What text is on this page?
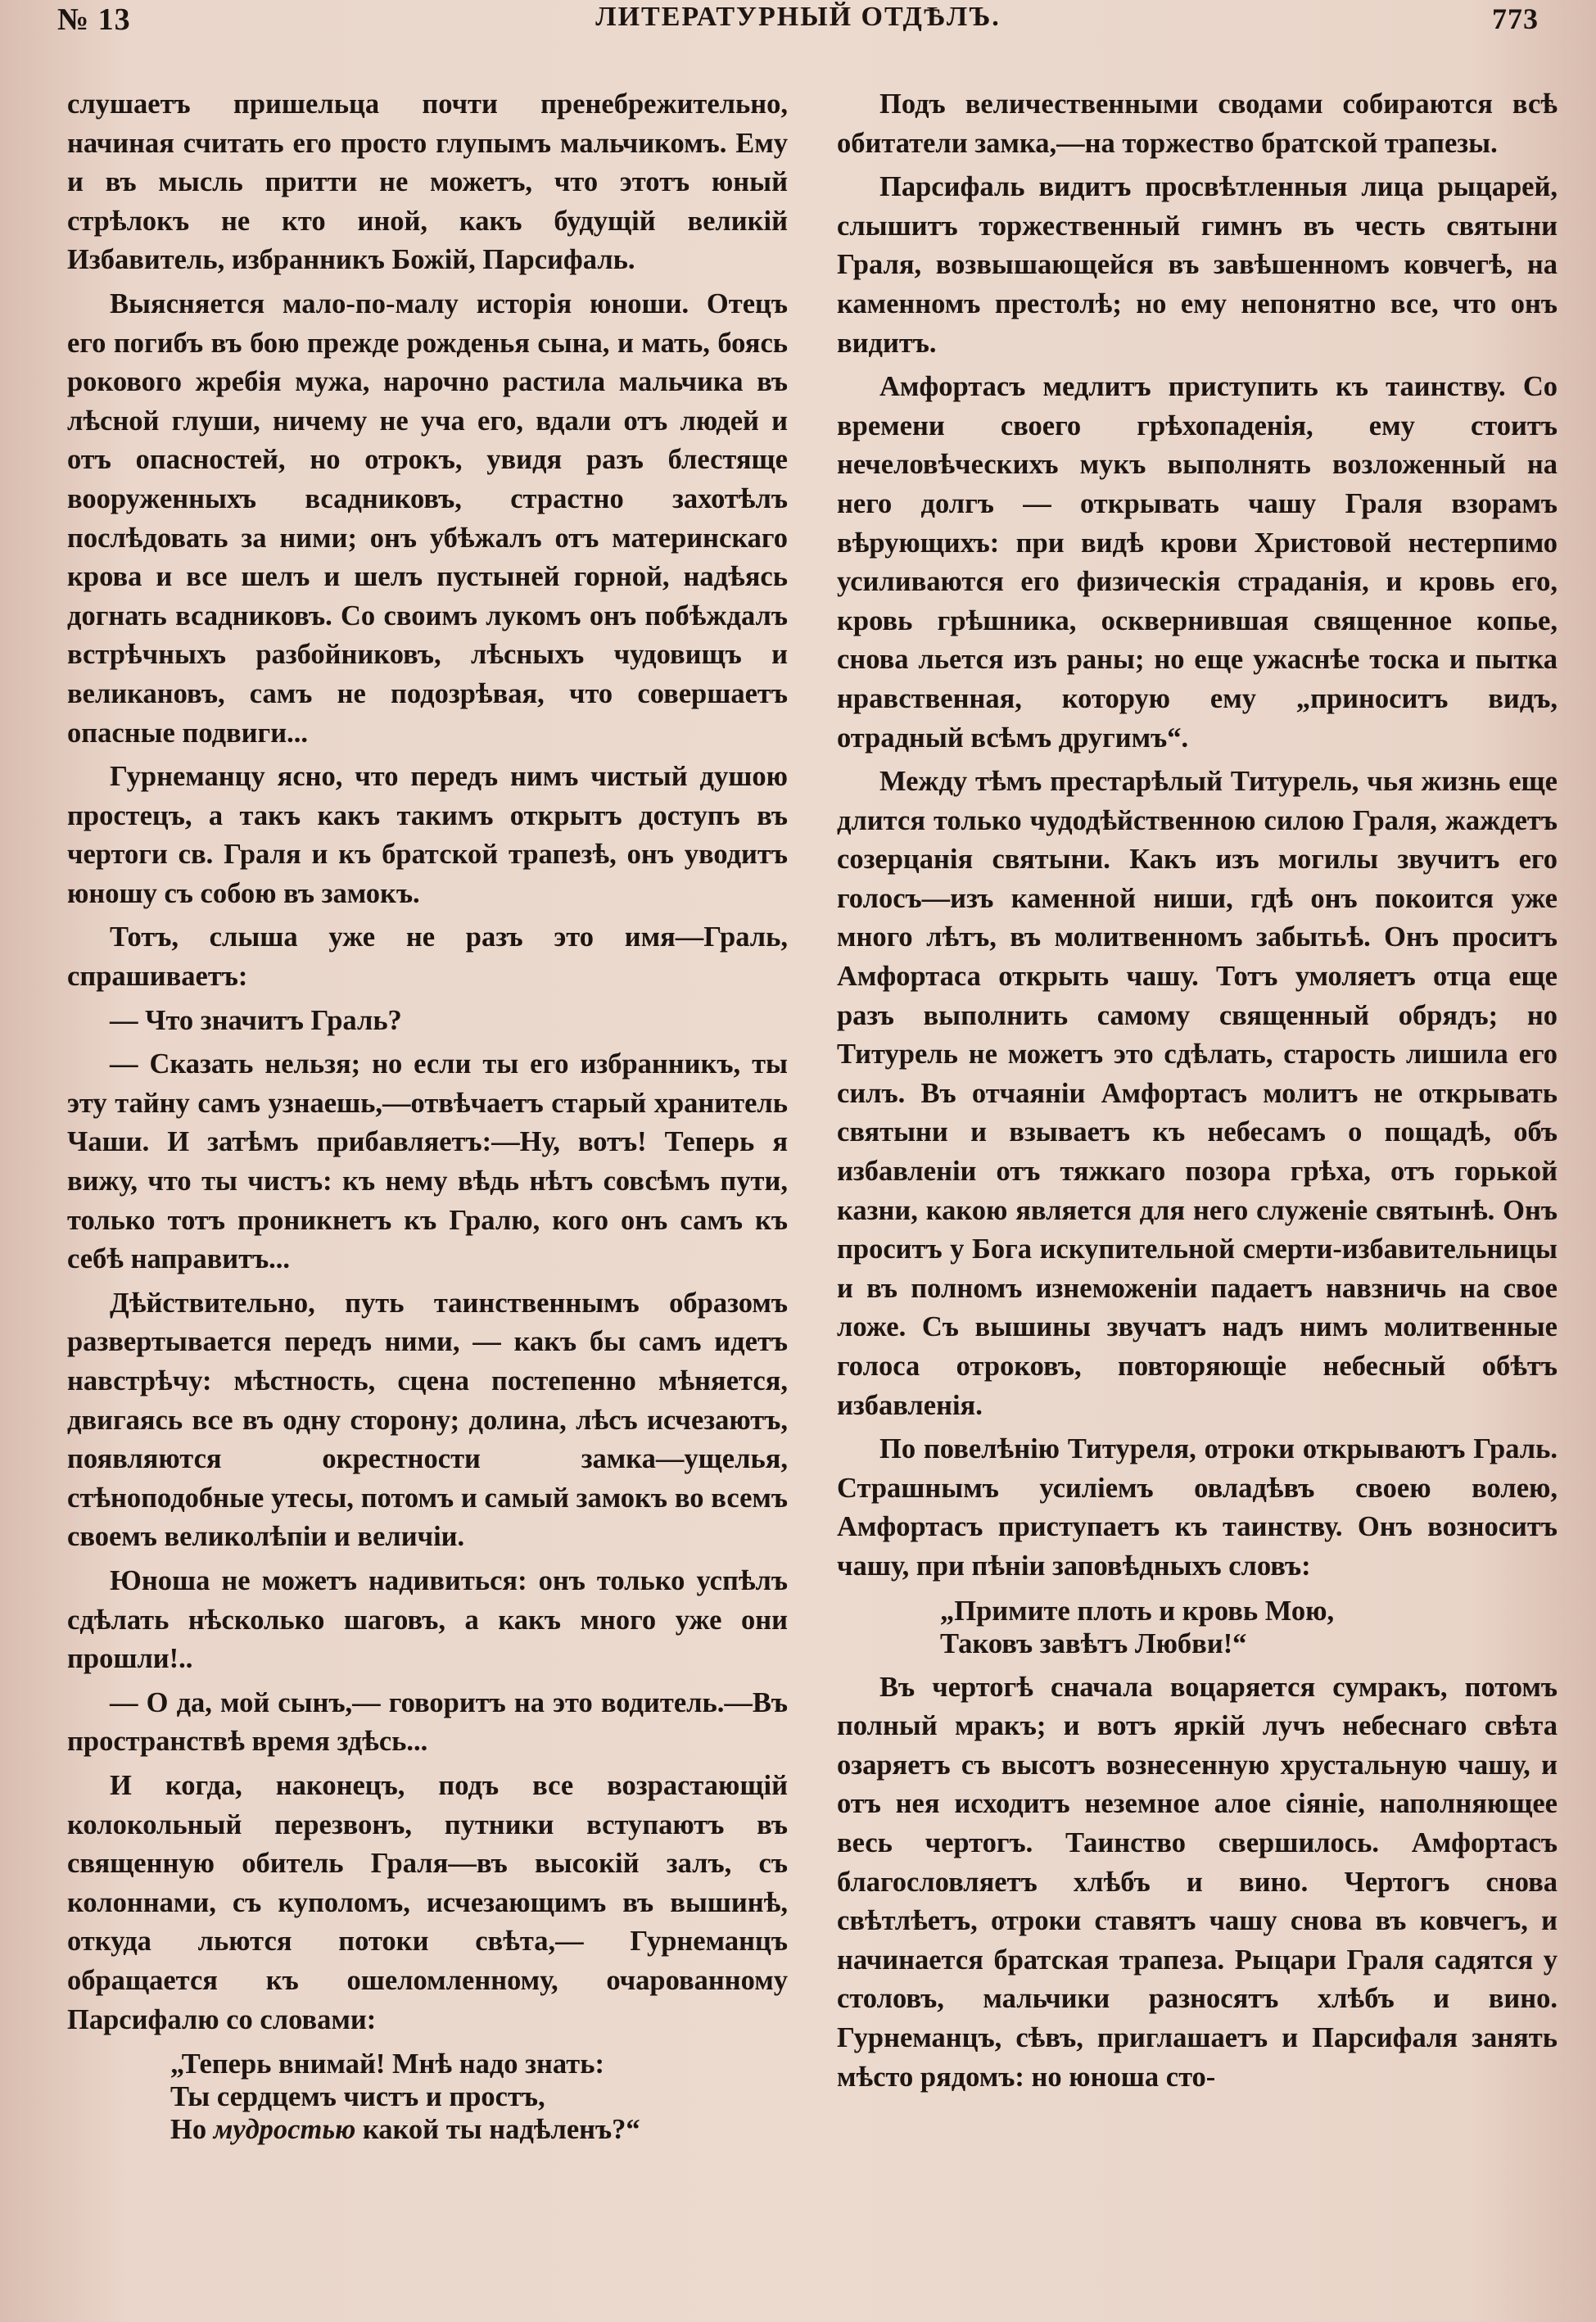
№ 13	ЛИТЕРАТУРНЫЙ ОТДѢЛЪ.	773

слушаетъ пришельца почти пренебрежительно, начиная считать его просто глупымъ мальчикомъ. Ему и въ мысль притти не можетъ, что этотъ юный стрѣлокъ не кто иной, какъ будущій великій Избавитель, избранникъ Божій, Парсифаль.

Выясняется мало-по-малу исторія юноши. Отецъ его погибъ въ бою прежде рожденья сына, и мать, боясь рокового жребія мужа, нарочно растила мальчика въ лѣсной глуши, ничему не уча его, вдали отъ людей и отъ опасностей, но отрокъ, увидя разъ блестяще вооруженныхъ всадниковъ, страстно захотѣлъ послѣдовать за ними; онъ убѣжалъ отъ материнскаго крова и все шелъ и шелъ пустыней горной, надѣясь догнать всадниковъ. Со своимъ лукомъ онъ побѣждалъ встрѣчныхъ разбойниковъ, лѣсныхъ чудовищъ и великановъ, самъ не подозрѣвая, что совершаетъ опасные подвиги...

Гурнеманцу ясно, что передъ нимъ чистый душою простецъ, а такъ какъ такимъ открытъ доступъ въ чертоги св. Граля и къ братской трапезѣ, онъ уводитъ юношу съ собою въ замокъ.

Тотъ, слыша уже не разъ это имя—Граль, спрашиваетъ:

— Что значитъ Граль?

— Сказать нельзя; но если ты его избранникъ, ты эту тайну самъ узнаешь,—отвѣчаетъ старый хранитель Чаши. И затѣмъ прибавляетъ:—Ну, вотъ! Теперь я вижу, что ты чистъ: къ нему вѣдь нѣтъ совсѣмъ пути, только тотъ проникнетъ къ Гралю, кого онъ самъ къ себѣ направитъ...

Дѣйствительно, путь таинственнымъ образомъ развертывается передъ ними, — какъ бы самъ идетъ навстрѣчу: мѣстность, сцена постепенно мѣняется, двигаясь все въ одну сторону; долина, лѣсъ исчезаютъ, появляются окрестности замка—ущелья, стѣноподобные утесы, потомъ и самый замокъ во всемъ своемъ великолѣпіи и величіи.

Юноша не можетъ надивиться: онъ только успѣлъ сдѣлать нѣсколько шаговъ, а какъ много уже они прошли!..

— О да, мой сынъ,— говоритъ на это водитель.—Въ пространствѣ время здѣсь...

И когда, наконецъ, подъ все возрастающій колокольный перезвонъ, путники вступаютъ въ священную обитель Граля—въ высокій залъ, съ колоннами, съ куполомъ, исчезающимъ въ вышинѣ, откуда льются потоки свѣта,— Гурнеманцъ обращается къ ошеломленному, очарованному Парсифалю со словами:

„Теперь внимай! Мнѣ надо знать:
Ты сердцемъ чистъ и простъ,
Но мудростью какой ты надѣленъ?“

Подъ величественными сводами собираются всѣ обитатели замка,—на торжество братской трапезы.

Парсифаль видитъ просвѣтленныя лица рыцарей, слышитъ торжественный гимнъ въ честь святыни Граля, возвышающейся въ завѣшенномъ ковчегѣ, на каменномъ престолѣ; но ему непонятно все, что онъ видитъ.

Амфортасъ медлитъ приступить къ таинству. Со времени своего грѣхопаденія, ему стоитъ нечеловѣческихъ мукъ выполнять возложенный на него долгъ — открывать чашу Граля взорамъ вѣрующихъ: при видѣ крови Христовой нестерпимо усиливаются его физическія страданія, и кровь его, кровь грѣшника, осквернившая священное копье, снова льется изъ раны; но еще ужаснѣе тоска и пытка нравственная, которую ему „приноситъ видъ, отрадный всѣмъ другимъ“.

Между тѣмъ престарѣлый Титурель, чья жизнь еще длится только чудодѣйственною силою Граля, жаждетъ созерцанія святыни. Какъ изъ могилы звучитъ его голосъ—изъ каменной ниши, гдѣ онъ покоится уже много лѣтъ, въ молитвенномъ забытьѣ. Онъ проситъ Амфортаса открыть чашу. Тотъ умоляетъ отца еще разъ выполнить самому священный обрядъ; но Титурель не можетъ это сдѣлать, старость лишила его силъ. Въ отчаяніи Амфортасъ молитъ не открывать святыни и взываетъ къ небесамъ о пощадѣ, объ избавленіи отъ тяжкаго позора грѣха, отъ горькой казни, какою является для него служеніе святынѣ. Онъ проситъ у Бога искупительной смерти-избавительницы и въ полномъ изнеможеніи падаетъ навзничь на свое ложе. Съ вышины звучатъ надъ нимъ молитвенные голоса отроковъ, повторяющіе небесный обѣтъ избавленія.

По повелѣнію Титуреля, отроки открываютъ Граль. Страшнымъ усиліемъ овладѣвъ своею волею, Амфортасъ приступаетъ къ таинству. Онъ возноситъ чашу, при пѣніи заповѣдныхъ словъ:

„Примите плоть и кровь Мою,
Таковъ завѣтъ Любви!“

Въ чертогѣ сначала воцаряется сумракъ, потомъ полный мракъ; и вотъ яркій лучъ небеснаго свѣта озаряетъ съ высотъ вознесенную хрустальную чашу, и отъ нея исходитъ неземное алое сіяніе, наполняющее весь чертогъ. Таинство свершилось. Амфортасъ благословляетъ хлѣбъ и вино. Чертогъ снова свѣтлѣетъ, отроки ставятъ чашу снова въ ковчегъ, и начинается братская трапеза. Рыцари Граля садятся у столовъ, мальчики разносятъ хлѣбъ и вино. Гурнеманцъ, сѣвъ, приглашаетъ и Парсифаля занять мѣсто рядомъ: но юноша сто-
